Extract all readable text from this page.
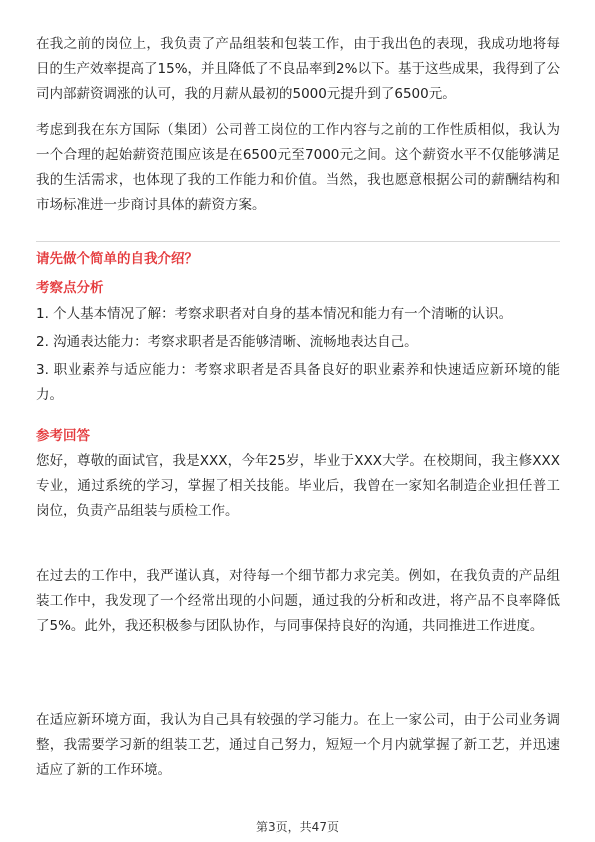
在我之前的岗位上，我负责了产品组装和包装工作，由于我出色的表现，我成功地将每日的生产效率提高了15%，并且降低了不良品率到2%以下。基于这些成果，我得到了公司内部薪资调涨的认可，我的月薪从最初的5000元提升到了6500元。

考虑到我在东方国际（集团）公司普工岗位的工作内容与之前的工作性质相似，我认为一个合理的起始薪资范围应该是在6500元至7000元之间。这个薪资水平不仅能够满足我的生活需求，也体现了我的工作能力和价值。当然，我也愿意根据公司的薪酬结构和市场标准进一步商讨具体的薪资方案。

请先做个简单的自我介绍？

考察点分析

1. 个人基本情况了解：考察求职者对自身的基本情况和能力有一个清晰的认识。

2. 沟通表达能力：考察求职者是否能够清晰、流畅地表达自己。

3. 职业素养与适应能力：考察求职者是否具备良好的职业素养和快速适应新环境的能力。

参考回答

您好，尊敬的面试官，我是XXX，今年25岁，毕业于XXX大学。在校期间，我主修XXX专业，通过系统的学习，掌握了相关技能。毕业后，我曾在一家知名制造企业担任普工岗位，负责产品组装与质检工作。

在过去的工作中，我严谨认真，对待每一个细节都力求完美。例如，在我负责的产品组装工作中，我发现了一个经常出现的小问题，通过我的分析和改进，将产品不良率降低了5%。此外，我还积极参与团队协作，与同事保持良好的沟通，共同推进工作进度。

在适应新环境方面，我认为自己具有较强的学习能力。在上一家公司，由于公司业务调整，我需要学习新的组装工艺，通过自己努力，短短一个月内就掌握了新工艺，并迅速适应了新的工作环境。

第3页，共47页
